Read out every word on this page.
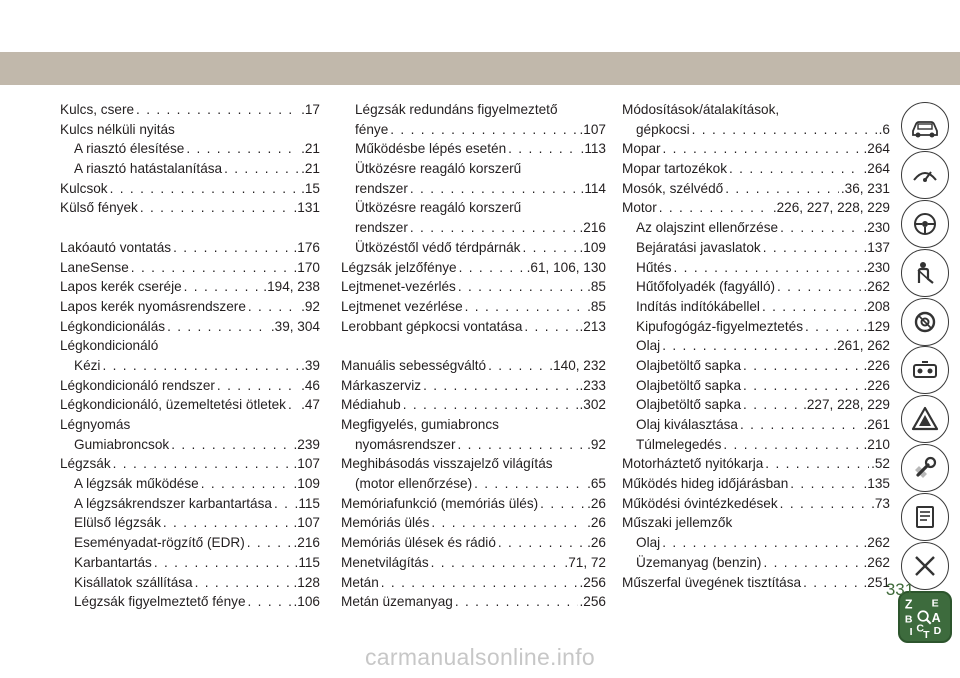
Kulcs, csere . . .	.17
Kulcs nélküli nyitás
A riasztó élesítése . . .	.21
A riasztó hatástalanítása . . .	.21
Kulcsok . . .	.15
Külső fények . . .	.131
Lakóautó vontatás . . .	.176
LaneSense . . .	.170
Lapos kerék cseréje . . .	.194, 238
Lapos kerék nyomásrendszere . . .	.92
Légkondicionálás . . .	.39, 304
Légkondicionáló
Kézi . . .	.39
Légkondicionáló rendszer . . .	.46
Légkondicionáló, üzemeltetési ötletek . . . .47
Légnyomás
Gumiabroncsok . . .	.239
Légzsák . . .	.107
A légzsák működése . . .	.109
A légzsákrendszer karbantartása . . . .115
Elülső légzsák . . .	.107
Eseményadat-rögzítő (EDR) . . .	.216
Karbantartás . . .	.115
Kisállatok szállítása . . .	.128
Légzsák figyelmeztető fénye . . .	.106
Légzsák redundáns figyelmeztető
fénye . . .	.107
Működésbe lépés esetén . . .	.113
Ütközésre reagáló korszerű
rendszer . . .	.114
Ütközésre reagáló korszerű
rendszer . . .	.216
Ütközéstől védő térdpárnák . . .	.109
Légzsák jelzőfénye . . .	.61, 106, 130
Lejtmenet-vezérlés . . .	.85
Lejtmenet vezérlése . . .	.85
Lerobbant gépkocsi vontatása . . .	.213
Manuális sebességváltó . . .	.140, 232
Márkaszerviz . . .	.233
Médiahub . . .	.302
Megfigyelés, gumiabroncs
nyomásrendszer . . .	.92
Meghibásodás visszajelző világítás
(motor ellenőrzése) . . .	.65
Memóriafunkció (memóriás ülés) . . .	.26
Memóriás ülés . . .	.26
Memóriás ülések és rádió . . .	.26
Menetvilágítás . . .	.71, 72
Metán . . .	.256
Metán üzemanyag . . .	.256
Módosítások/átalakítások,
gépkocsi . . .	.6
Mopar . . .	.264
Mopar tartozékok . . .	.264
Mosók, szélvédő . . .	.36, 231
Motor . . .	.226, 227, 228, 229
Az olajszint ellenőrzése . . .	.230
Bejáratási javaslatok . . .	.137
Hűtés . . .	.230
Hűtőfolyadék (fagyálló) . . .	.262
Indítás indítókábellel . . .	.208
Kipufogógáz-figyelmeztetés . . .	.129
Olaj . . .	.261, 262
Olajbetöltő sapka . . .	.226
Olajbetöltő sapka . . .	.226
Olajbetöltő sapka . . .	.227, 228, 229
Olaj kiválasztása . . .	.261
Túlmelegedés . . .	.210
Motorháztető nyitókarja . . .	.52
Működés hideg időjárásban . . .	.135
Működési óvintézkedések . . .	.73
Műszaki jellemzők
Olaj . . .	.262
Üzemanyag (benzin) . . .	.262
Műszerfal üvegének tisztítása . . .	.251
Z E
B A
I C
T D
331
carmanualsonline.info
